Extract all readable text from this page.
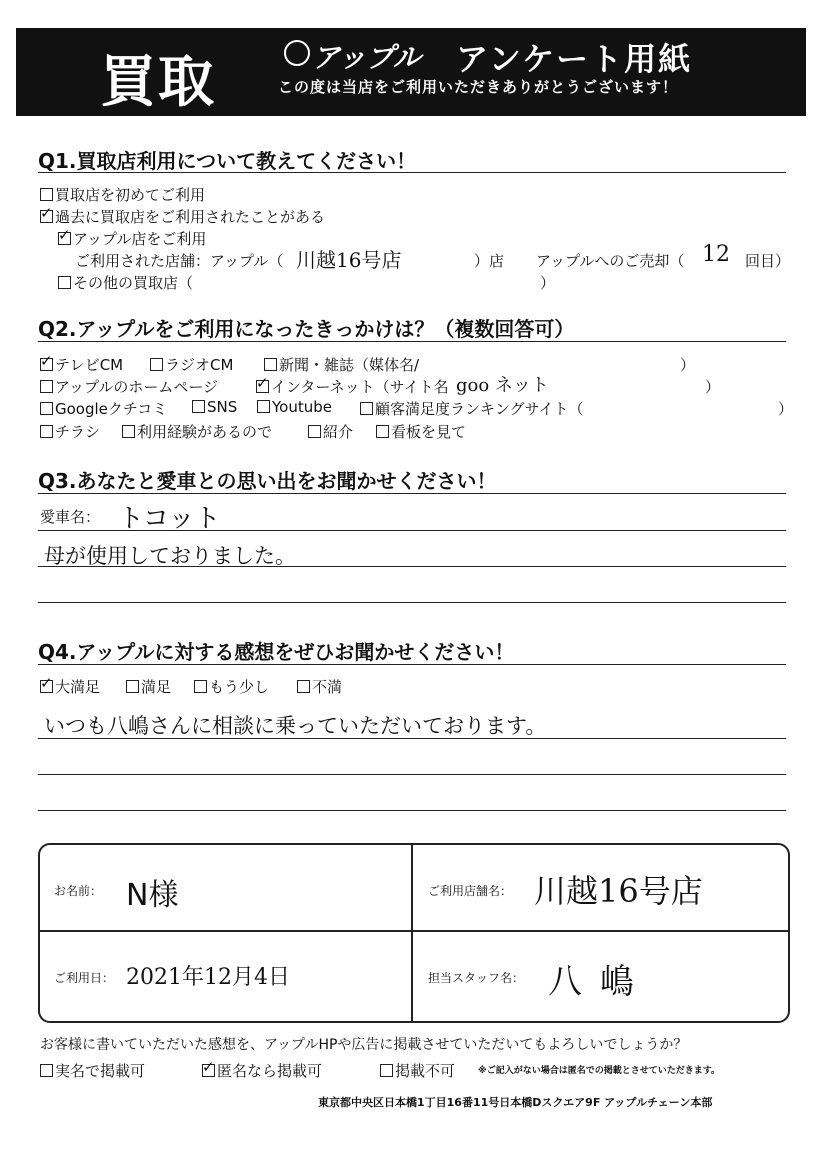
買取	アップル アンケート用紙
この度は当店をご利用いただきありがとうございます！
Q1.買取店利用について教えてください！
買取店を初めてご利用
✓過去に買取店をご利用されたことがある
✓アップル店をご利用
ご利用された店舗：アップル（ 川越16号店	）店 アップルへのご売却（ 12 回目）
その他の買取店（	）
Q2.アップルをご利用になったきっかけは？（複数回答可）
✓テレビCM	ラジオCM	新聞・雑誌（媒体名/	）
アップルのホームページ ✓	インターネット（サイト名 goo ネット	）
Googleクチコミ	SNS	Youtube	顧客満足度ランキングサイト（	）
チラシ	利用経験があるので	紹介	看板を見て
Q3.あなたと愛車との思い出をお聞かせください！
愛車名： トコット
母が使用しておりました。
Q4.アップルに対する感想をぜひお聞かせください！
✓大満足	満足	もう少し	不満
いつも八嶋さんに相談に乗っていただいております。
お名前： N様	ご利用店舗名： 川越16号店
ご利用日： 2021年12月4日	担当スタッフ名： 八嶋
お客様に書いていただいた感想を、アップルHPや広告に掲載させていただいてもよろしいでしょうか？
実名で掲載可 ✓	匿名なら掲載可	掲載不可	※ご記入がない場合は匿名での掲載とさせていただきます。
東京都中央区日本橋1丁目16番11号日本橋Dスクエア9F アップルチェーン本部
